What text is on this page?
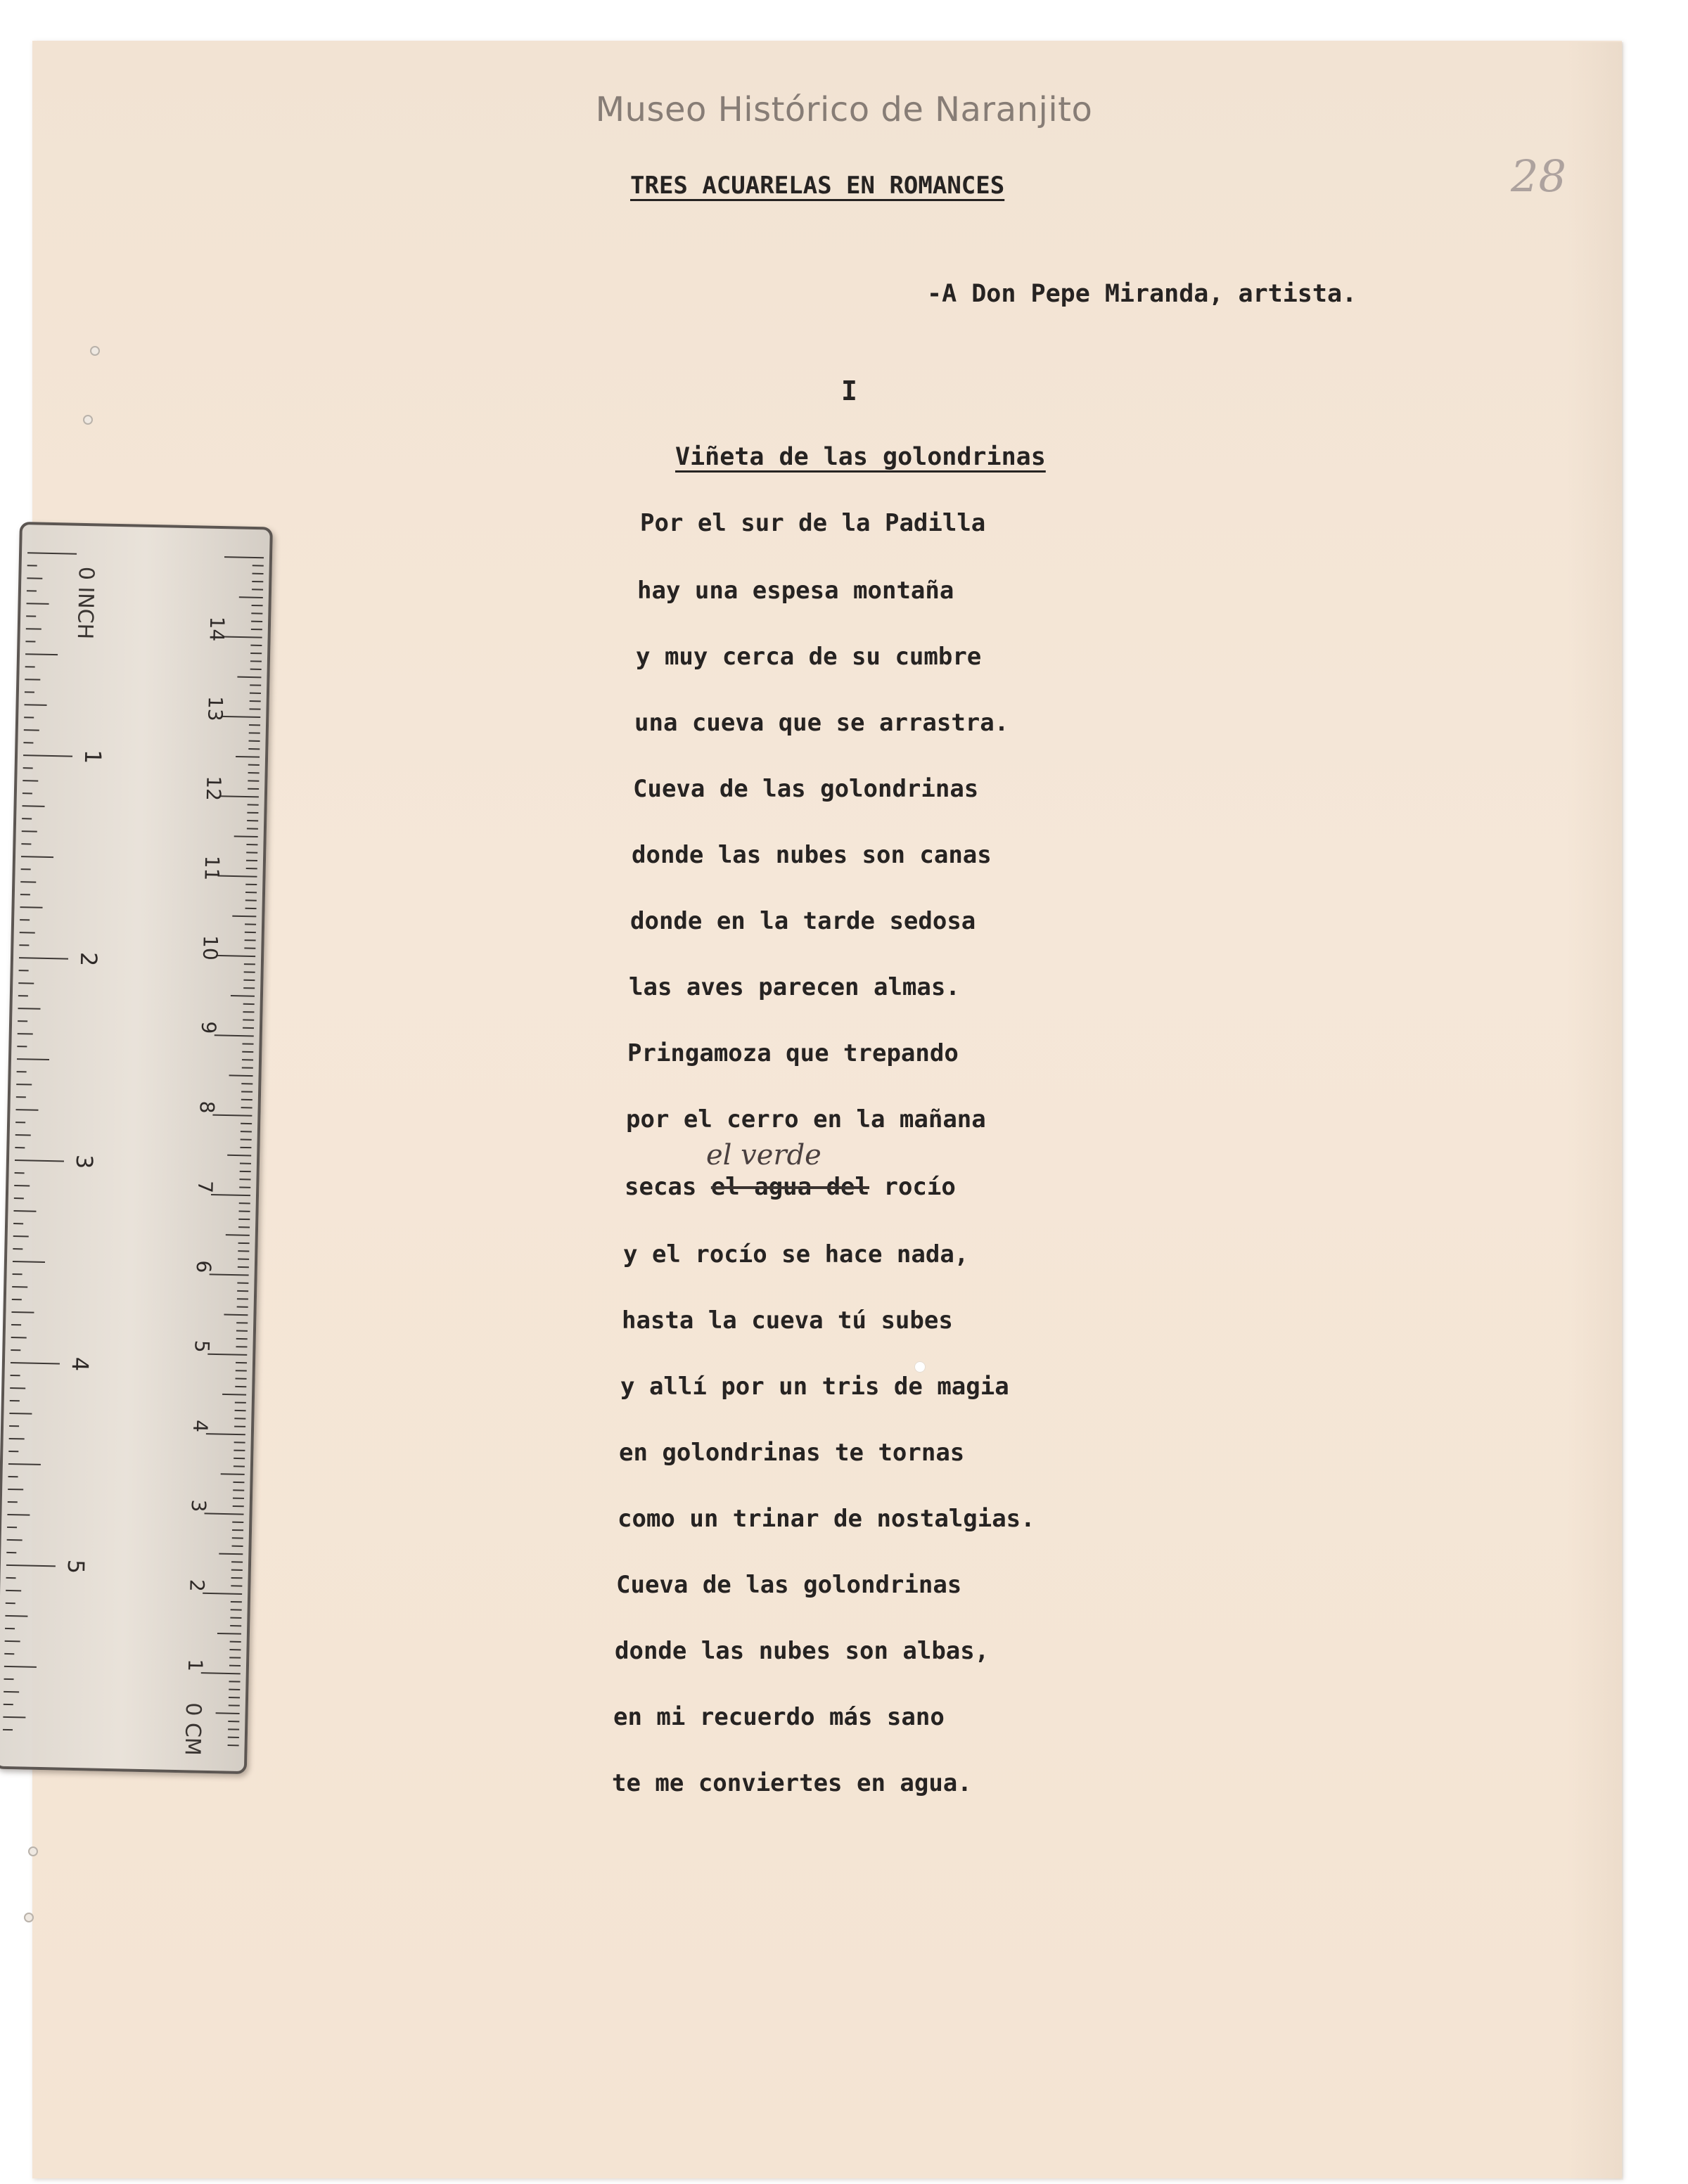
Museo Histórico de Naranjito
28
TRES ACUARELAS EN ROMANCES
-A Don Pepe Miranda, artista.
I
Viñeta de las golondrinas
Por el sur de la Padilla
hay una espesa montaña
y muy cerca de su cumbre
una cueva que se arrastra.
Cueva de las golondrinas
donde las nubes son canas
donde en la tarde sedosa
las aves parecen almas.
Pringamoza que trepando
por el cerro en la mañana
el verde
secas el agua del rocío
y el rocío se hace nada,
hasta la cueva tú subes
y allí por un tris de magia
en golondrinas te tornas
como un trinar de nostalgias.
Cueva de las golondrinas
donde las nubes son albas,
en mi recuerdo más sano
te me conviertes en agua.
1
2
3
4
5
1
2
3
4
5
6
7
8
9
10
11
12
13
14
0 INCH
0 CM
